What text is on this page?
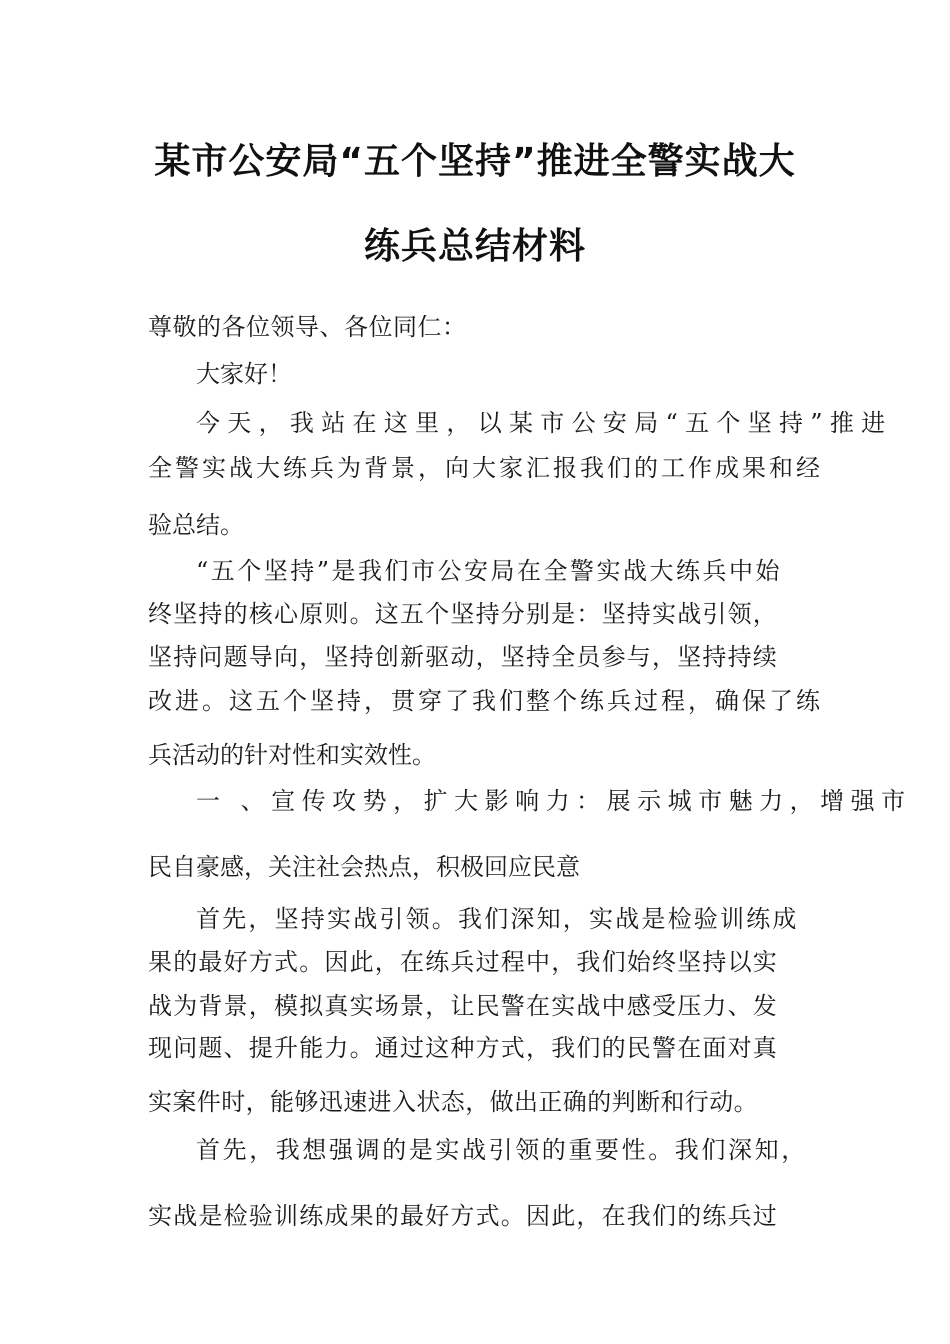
某市公安局“五个坚持”推进全警实战大
练兵总结材料
尊敬的各位领导、各位同仁：
大家好！
今天，我站在这里，以某市公安局“五个坚持”推进
全警实战大练兵为背景，向大家汇报我们的工作成果和经
验总结。
“五个坚持”是我们市公安局在全警实战大练兵中始
终坚持的核心原则。这五个坚持分别是：坚持实战引领，
坚持问题导向，坚持创新驱动，坚持全员参与，坚持持续
改进。这五个坚持，贯穿了我们整个练兵过程，确保了练
兵活动的针对性和实效性。
一 、宣传攻势，扩大影响力：展示城市魅力，增强市
民自豪感，关注社会热点，积极回应民意
首先，坚持实战引领。我们深知，实战是检验训练成
果的最好方式。因此，在练兵过程中，我们始终坚持以实
战为背景，模拟真实场景，让民警在实战中感受压力、发
现问题、提升能力。通过这种方式，我们的民警在面对真
实案件时，能够迅速进入状态，做出正确的判断和行动。
首先，我想强调的是实战引领的重要性。我们深知，
实战是检验训练成果的最好方式。因此，在我们的练兵过
